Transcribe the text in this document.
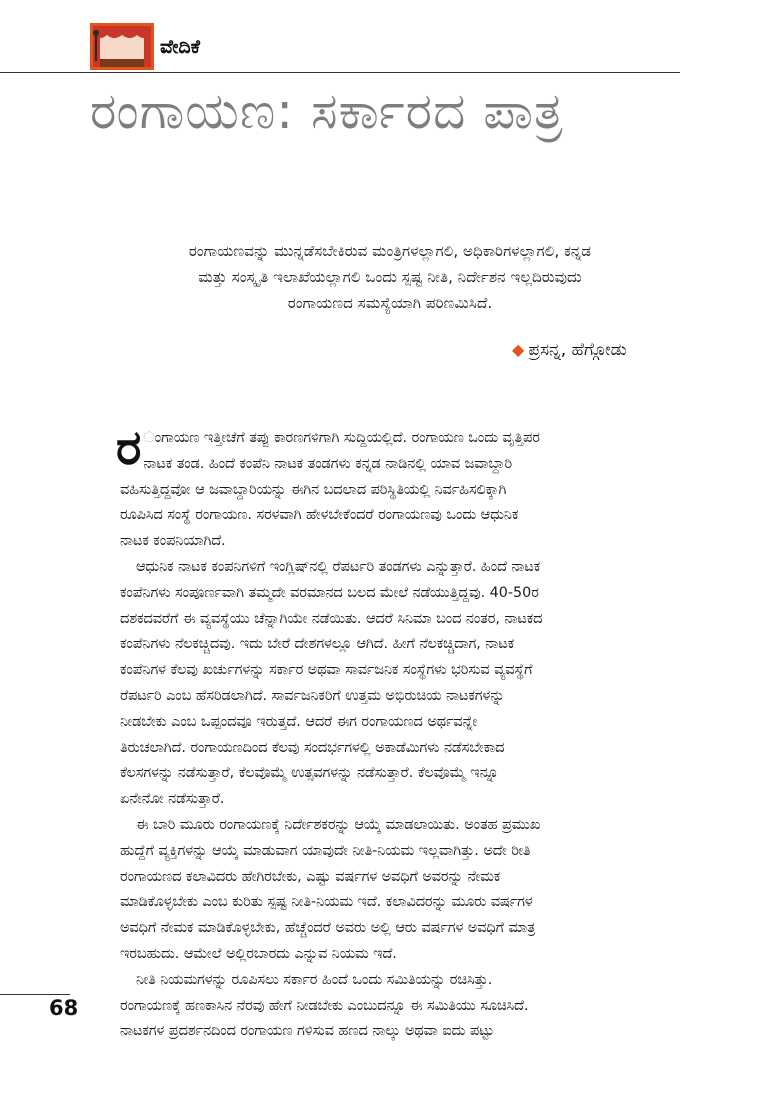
ವೇದಿಕೆ
ರಂಗಾಯಣ: ಸರ್ಕಾರದ ಪಾತ್ರ

ರಂಗಾಯಣವನ್ನು ಮುನ್ನಡೆಸಬೇಕಿರುವ ಮಂತ್ರಿಗಳಲ್ಲಾಗಲಿ, ಅಧಿಕಾರಿಗಳಲ್ಲಾಗಲಿ, ಕನ್ನಡ

ಮತ್ತು ಸಂಸ್ಕೃತಿ ಇಲಾಖೆಯಲ್ಲಾಗಲಿ ಒಂದು ಸ್ಪಷ್ಟ ನೀತಿ, ನಿರ್ದೇಶನ ಇಲ್ಲದಿರುವುದು

ರಂಗಾಯಣದ ಸಮಸ್ಯೆಯಾಗಿ ಪರಿಣಮಿಸಿದೆ.

◆ ಪ್ರಸನ್ನ, ಹೆಗ್ಗೋಡು
ರ ಂಗಾಯಣ ಇತ್ತೀಚೆಗೆ ತಪ್ಪು ಕಾರಣಗಳಿಗಾಗಿ ಸುದ್ದಿಯಲ್ಲಿದೆ. ರಂಗಾಯಣ ಒಂದು ವೃತ್ತಿಪರ
ನಾಟಕ ತಂಡ. ಹಿಂದೆ ಕಂಪೆನಿ ನಾಟಕ ತಂಡಗಳು ಕನ್ನಡ ನಾಡಿನಲ್ಲಿ ಯಾವ ಜವಾಬ್ದಾರಿ
ವಹಿಸುತ್ತಿದ್ದವೋ ಆ ಜವಾಬ್ದಾರಿಯನ್ನು ಈಗಿನ ಬದಲಾದ ಪರಿಸ್ಥಿತಿಯಲ್ಲಿ ನಿರ್ವಹಿಸಲಿಕ್ಕಾಗಿ
ರೂಪಿಸಿದ ಸಂಸ್ಥೆ ರಂಗಾಯಣ. ಸರಳವಾಗಿ ಹೇಳಬೇಕೆಂದರೆ ರಂಗಾಯಣವು ಒಂದು ಆಧುನಿಕ
ನಾಟಕ ಕಂಪನಿಯಾಗಿದೆ.
ಆಧುನಿಕ ನಾಟಕ ಕಂಪನಿಗಳಿಗೆ ಇಂಗ್ಲಿಷ್‌ನಲ್ಲಿ ರೆಪರ್ಟರಿ ತಂಡಗಳು ಎನ್ನುತ್ತಾರೆ. ಹಿಂದೆ ನಾಟಕ
ಕಂಪೆನಿಗಳು ಸಂಪೂರ್ಣವಾಗಿ ತಮ್ಮದೇ ವರಮಾನದ ಬಲದ ಮೇಲೆ ನಡೆಯುತ್ತಿದ್ದವು. 40-50ರ
ದಶಕದವರೆಗೆ ಈ ವ್ಯವಸ್ಥೆಯು ಚೆನ್ನಾಗಿಯೇ ನಡೆಯಿತು. ಆದರೆ ಸಿನಿಮಾ ಬಂದ ನಂತರ, ನಾಟಕದ
ಕಂಪೆನಿಗಳು ನೆಲಕಚ್ಚಿದವು. ಇದು ಬೇರೆ ದೇಶಗಳಲ್ಲೂ ಆಗಿದೆ. ಹೀಗೆ ನೆಲಕಚ್ಚಿದಾಗ, ನಾಟಕ
ಕಂಪೆನಿಗಳ ಕೆಲವು ಖರ್ಚುಗಳನ್ನು ಸರ್ಕಾರ ಅಥವಾ ಸಾರ್ವಜನಿಕ ಸಂಸ್ಥೆಗಳು ಭರಿಸುವ ವ್ಯವಸ್ಥೆಗೆ
ರೆಪರ್ಟರಿ ಎಂಬ ಹೆಸರಿಡಲಾಗಿದೆ. ಸಾರ್ವಜನಿಕರಿಗೆ ಉತ್ತಮ ಅಭಿರುಚಿಯ ನಾಟಕಗಳನ್ನು
ನೀಡಬೇಕು ಎಂಬ ಒಪ್ಪಂದವೂ ಇರುತ್ತದೆ. ಆದರೆ ಈಗ ರಂಗಾಯಣದ ಅರ್ಥವನ್ನೇ
ತಿರುಚಲಾಗಿದೆ. ರಂಗಾಯಣದಿಂದ ಕೆಲವು ಸಂದರ್ಭಗಳಲ್ಲಿ ಅಕಾಡೆಮಿಗಳು ನಡೆಸಬೇಕಾದ
ಕೆಲಸಗಳನ್ನು ನಡೆಸುತ್ತಾರೆ, ಕೆಲವೊಮ್ಮೆ ಉತ್ಸವಗಳನ್ನು ನಡೆಸುತ್ತಾರೆ. ಕೆಲವೊಮ್ಮೆ ಇನ್ನೂ
ಏನೇನೋ ನಡೆಸುತ್ತಾರೆ.
ಈ ಬಾರಿ ಮೂರು ರಂಗಾಯಣಕ್ಕೆ ನಿರ್ದೇಶಕರನ್ನು ಆಯ್ಕೆ ಮಾಡಲಾಯಿತು. ಅಂತಹ ಪ್ರಮುಖ
ಹುದ್ದೆಗೆ ವ್ಯಕ್ತಿಗಳನ್ನು ಆಯ್ಕೆ ಮಾಡುವಾಗ ಯಾವುದೇ ನೀತಿ-ನಿಯಮ ಇಲ್ಲವಾಗಿತ್ತು. ಅದೇ ರೀತಿ
ರಂಗಾಯಣದ ಕಲಾವಿದರು ಹೇಗಿರಬೇಕು, ಎಷ್ಟು ವರ್ಷಗಳ ಅವಧಿಗೆ ಅವರನ್ನು ನೇಮಕ
ಮಾಡಿಕೊಳ್ಳಬೇಕು ಎಂಬ ಕುರಿತು ಸ್ಪಷ್ಟ ನೀತಿ-ನಿಯಮ ಇದೆ. ಕಲಾವಿದರನ್ನು ಮೂರು ವರ್ಷಗಳ
ಅವಧಿಗೆ ನೇಮಕ ಮಾಡಿಕೊಳ್ಳಬೇಕು, ಹೆಚ್ಚೆಂದರೆ ಅವರು ಅಲ್ಲಿ ಆರು ವರ್ಷಗಳ ಅವಧಿಗೆ ಮಾತ್ರ
ಇರಬಹುದು. ಆಮೇಲೆ ಅಲ್ಲಿರಬಾರದು ಎನ್ನುವ ನಿಯಮ ಇದೆ.
ನೀತಿ ನಿಯಮಗಳನ್ನು ರೂಪಿಸಲು ಸರ್ಕಾರ ಹಿಂದೆ ಒಂದು ಸಮಿತಿಯನ್ನು ರಚಿಸಿತ್ತು.
ರಂಗಾಯಣಕ್ಕೆ ಹಣಕಾಸಿನ ನೆರವು ಹೇಗೆ ನೀಡಬೇಕು ಎಂಬುದನ್ನೂ ಈ ಸಮಿತಿಯು ಸೂಚಿಸಿದೆ.
ನಾಟಕಗಳ ಪ್ರದರ್ಶನದಿಂದ ರಂಗಾಯಣ ಗಳಿಸುವ ಹಣದ ನಾಲ್ಕು ಅಥವಾ ಐದು ಪಟ್ಟು
68
